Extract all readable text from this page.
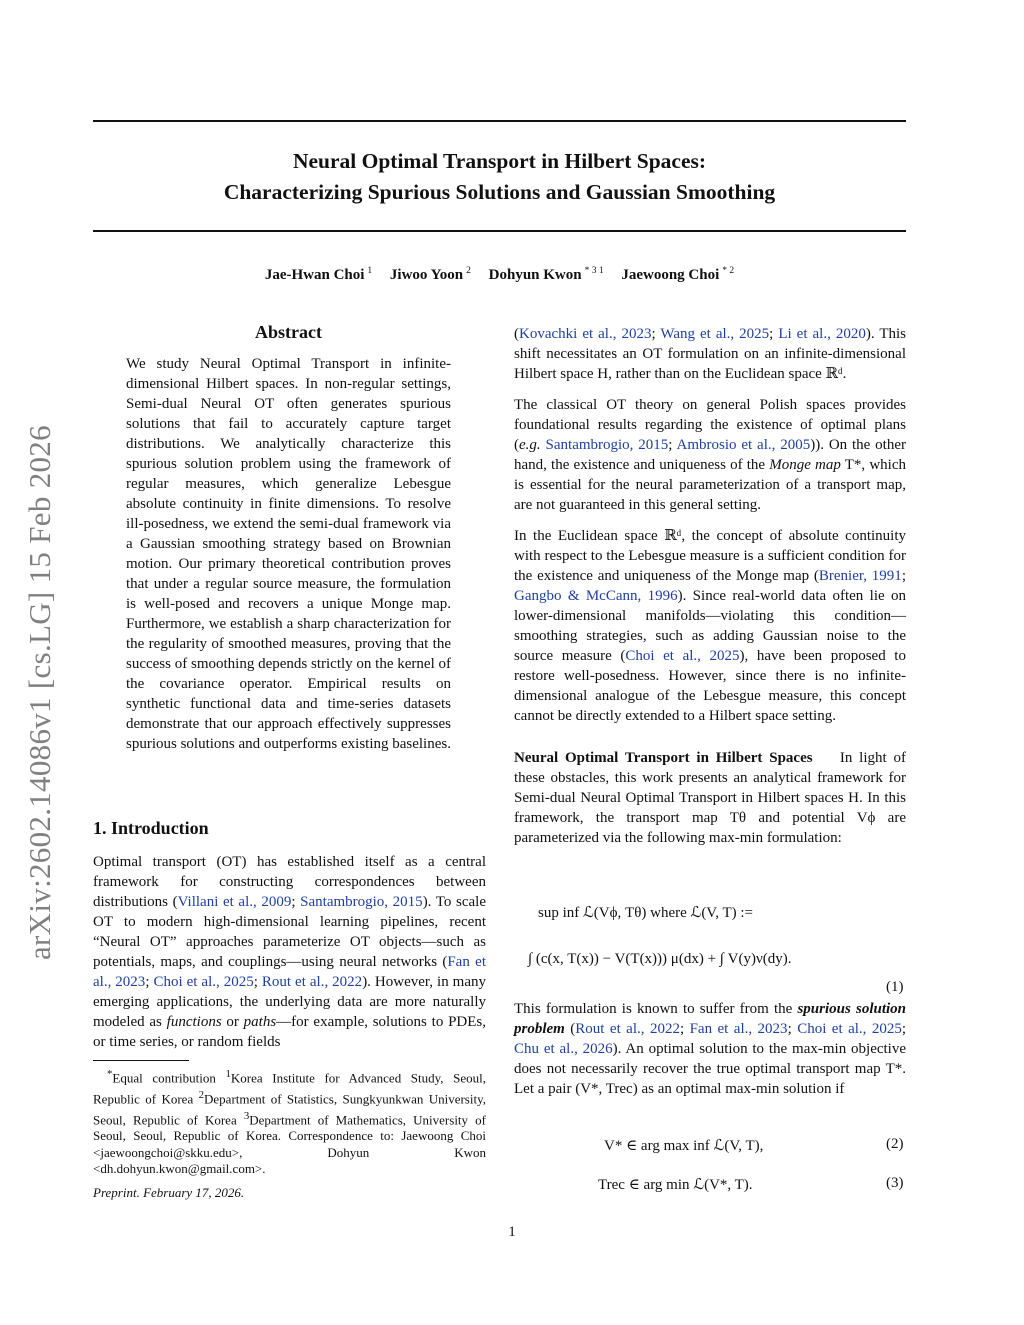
Neural Optimal Transport in Hilbert Spaces:
Characterizing Spurious Solutions and Gaussian Smoothing
Jae-Hwan Choi $^1$ Jiwoo Yoon $^2$ Dohyun Kwon $^{* 3 1}$ Jaewoong Choi $^{* 2}$
arXiv:2602.14086v1 [cs.LG] 15 Feb 2026

Abstract

We study Neural Optimal Transport in infinite-dimensional Hilbert spaces. In non-regular settings, Semi-dual Neural OT often generates spurious solutions that fail to accurately capture target distributions. We analytically characterize this spurious solution problem using the framework of regular measures, which generalize Lebesgue absolute continuity in finite dimensions. To resolve ill-posedness, we extend the semi-dual framework via a Gaussian smoothing strategy based on Brownian motion. Our primary theoretical contribution proves that under a regular source measure, the formulation is well-posed and recovers a unique Monge map. Furthermore, we establish a sharp characterization for the regularity of smoothed measures, proving that the success of smoothing depends strictly on the kernel of the covariance operator. Empirical results on synthetic functional data and time-series datasets demonstrate that our approach effectively suppresses spurious solutions and outperforms existing baselines.

1. Introduction

Optimal transport (OT) has established itself as a central framework for constructing correspondences between distributions (Villani et al., 2009; Santambrogio, 2015). To scale OT to modern high-dimensional learning pipelines, recent “Neural OT” approaches parameterize OT objects—such as potentials, maps, and couplings—using neural networks (Fan et al., 2023; Choi et al., 2025; Rout et al., 2022). However, in many emerging applications, the underlying data are more naturally modeled as functions or paths—for example, solutions to PDEs, or time series, or random fields

*Equal contribution $^1$Korea Institute for Advanced Study, Seoul, Republic of Korea $^2$Department of Statistics, Sungkyunkwan University, Seoul, Republic of Korea $^3$Department of Mathematics, University of Seoul, Seoul, Republic of Korea. Correspondence to: Jaewoong Choi <jaewoongchoi@skku.edu>, Dohyun Kwon <dh.dohyun.kwon@gmail.com>.
Preprint. February 17, 2026.

(Kovachki et al., 2023; Wang et al., 2025; Li et al., 2020). This shift necessitates an OT formulation on an infinite-dimensional Hilbert space H, rather than on the Euclidean space ℝᵈ.

The classical OT theory on general Polish spaces provides foundational results regarding the existence of optimal plans (e.g. Santambrogio, 2015; Ambrosio et al., 2005)). On the other hand, the existence and uniqueness of the Monge map T*, which is essential for the neural parameterization of a transport map, are not guaranteed in this general setting.

In the Euclidean space ℝᵈ, the concept of absolute continuity with respect to the Lebesgue measure is a sufficient condition for the existence and uniqueness of the Monge map (Brenier, 1991; Gangbo & McCann, 1996). Since real-world data often lie on lower-dimensional manifolds—violating this condition—smoothing strategies, such as adding Gaussian noise to the source measure (Choi et al., 2025), have been proposed to restore well-posedness. However, since there is no infinite-dimensional analogue of the Lebesgue measure, this concept cannot be directly extended to a Hilbert space setting.

Neural Optimal Transport in Hilbert Spaces In light of these obstacles, this work presents an analytical framework for Semi-dual Neural Optimal Transport in Hilbert spaces H. In this framework, the transport map Tθ and potential Vϕ are parameterized via the following max-min formulation:

sup inf ℒ(Vϕ, Tθ) where ℒ(V, T) :=
∫ (c(x, T(x)) − V(T(x))) μ(dx) + ∫ V(y)ν(dy).
(1)

This formulation is known to suffer from the spurious solution problem (Rout et al., 2022; Fan et al., 2023; Choi et al., 2025; Chu et al., 2026). An optimal solution to the max-min objective does not necessarily recover the true optimal transport map T*. Let a pair (V*, Trec) as an optimal max-min solution if

V* ∈ arg max inf ℒ(V, T),	(2)
Trec ∈ arg min ℒ(V*, T).	(3)
1
